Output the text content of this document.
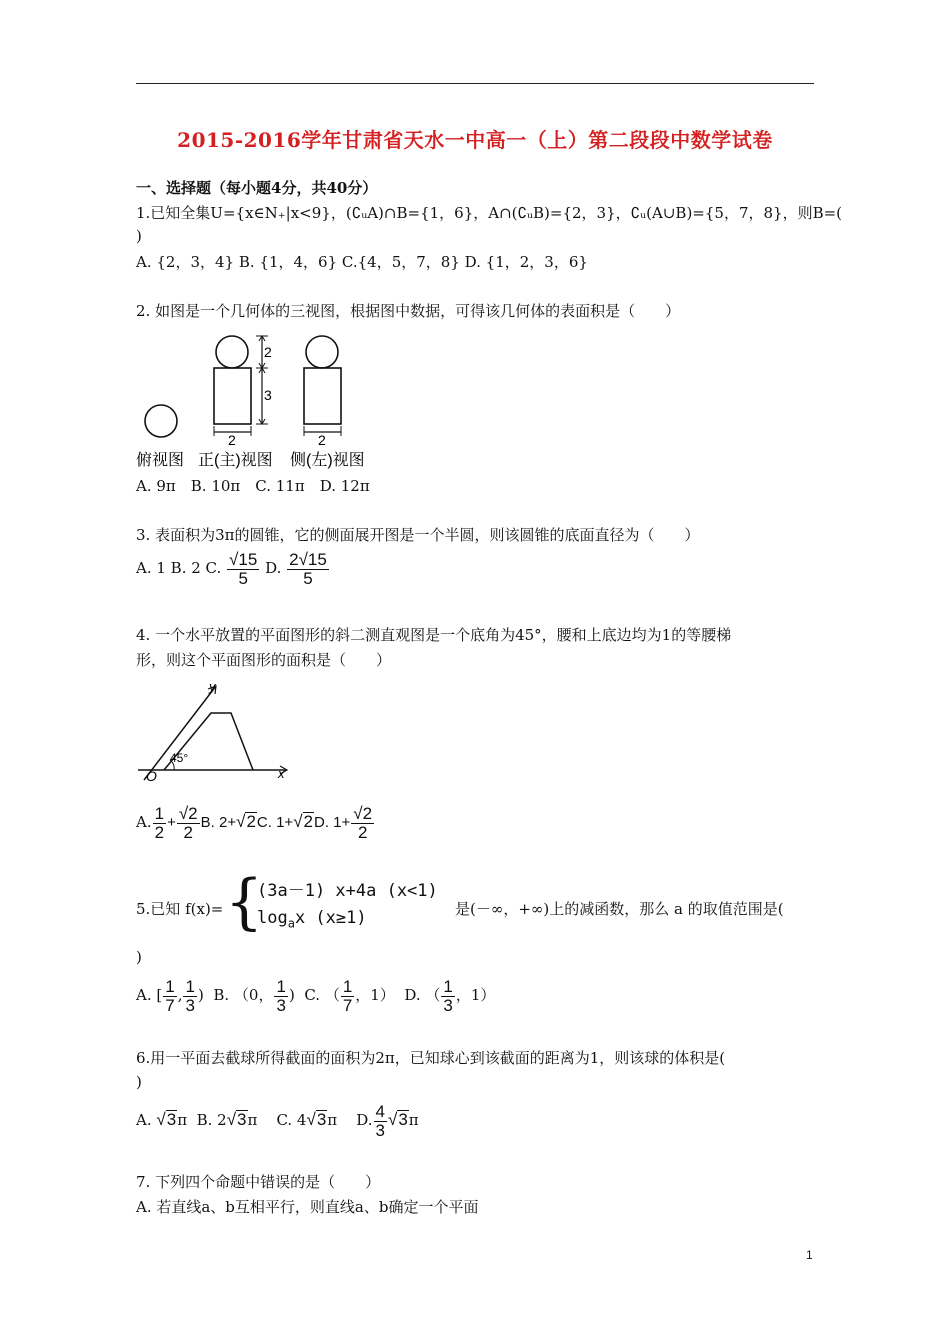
2015-2016学年甘肃省天水一中高一（上）第二段段中数学试卷
一、选择题（每小题4分，共40分）
1.已知全集U={x∈N₊|x<9}，(∁ᵤA)∩B={1，6}，A∩(∁ᵤB)={2，3}，∁ᵤ(A∪B)={5，7，8}，则B=(
)
A. {2，3，4} B. {1，4，6} C.{4，5，7，8} D. {1，2，3，6}
2. 如图是一个几何体的三视图，根据图中数据，可得该几何体的表面积是（　　）
2
3
2	2
俯视图 正(主)视图 侧(左)视图
A. 9π　B. 10π　C. 11π　D. 12π
3. 表面积为3π的圆锥，它的侧面展开图是一个半圆，则该圆锥的底面直径为（　　）
A. 1 B. 2 C. $\frac{√15}{5} D$. $\frac{2√15}{5}$
4. 一个水平放置的平面图形的斜二测直观图是一个底角为45°，腰和上底边均为1的等腰梯
形，则这个平面图形的面积是（　　）
y
x
O
45°
A. $\frac{1}{2} + \frac{√2}{2} B$. 2+√2C. 1+√2D. $1+ \frac{√2}{2}$
5.已知 f(x)= {
(3a－1) x+4a (x<1)
$\log_ax$ (x≥1)	是(－∞，+∞)上的减函数，那么 a 的取值范围是(
)
A. [ $\frac{1}{7}$ , $\frac{1}{3}$ ) B. （0， $\frac{1}{3}$ ) C. （ $\frac{1}{7}$ ，1） D. （ $\frac{1}{3}$ ，1）
6.用一平面去截球所得截面的面积为2π，已知球心到该截面的距离为1，则该球的体积是(
)
A. √3π B. 2√3π C. 4√3π D. $\frac{4}{3} √3\pi$
7. 下列四个命题中错误的是（　　）
A. 若直线a、b互相平行，则直线a、b确定一个平面
1
